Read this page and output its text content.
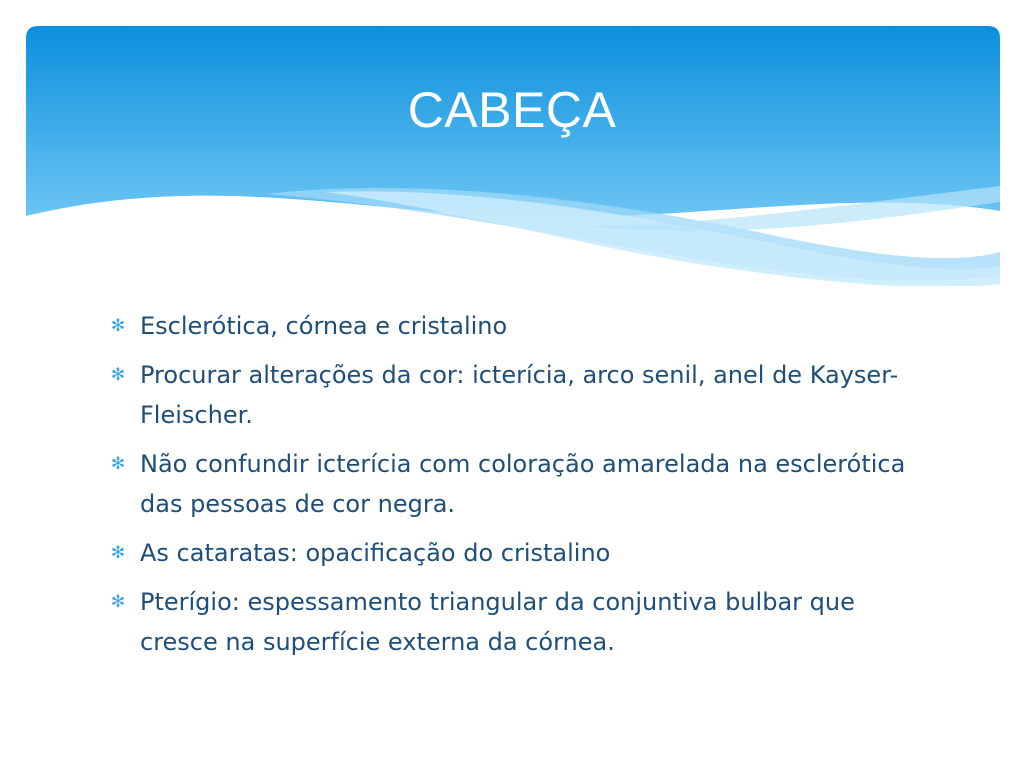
CABEÇA
✻ Esclerótica, córnea e cristalino
✻ Procurar alterações da cor: icterícia, arco senil, anel de Kayser-Fleischer.
✻ Não confundir icterícia com coloração amarelada na esclerótica das pessoas de cor negra.
✻ As cataratas: opacificação do cristalino
✻ Pterígio: espessamento triangular da conjuntiva bulbar que cresce na superfície externa da córnea.
